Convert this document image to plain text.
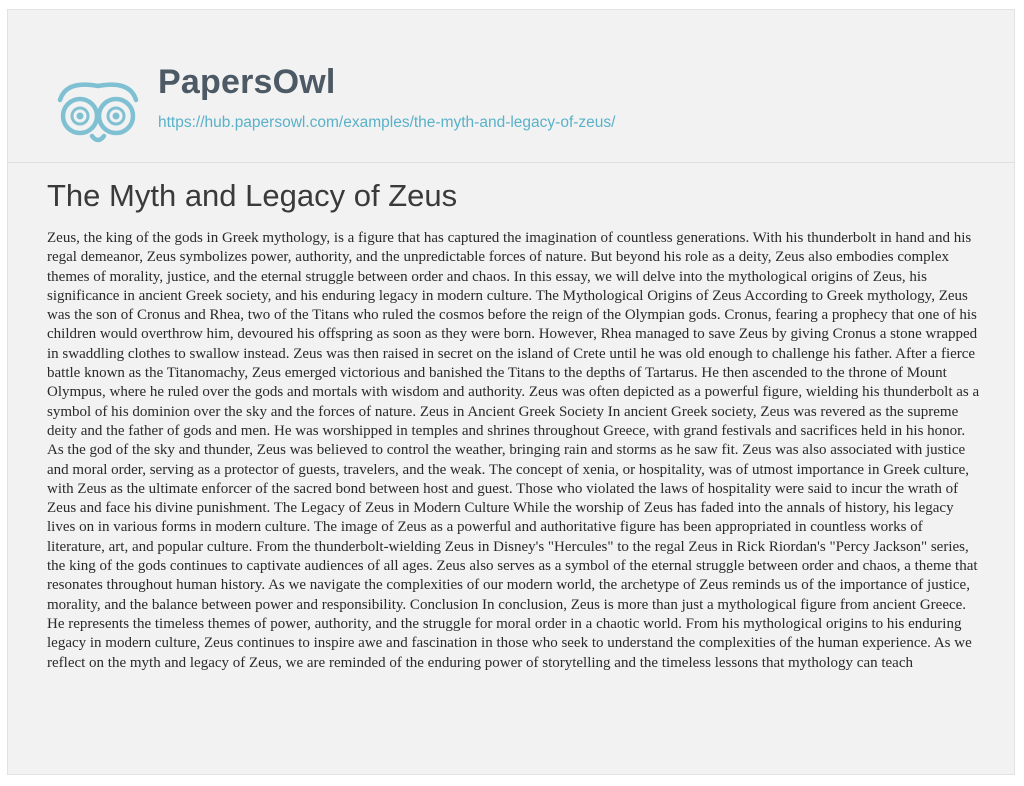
PapersOwl
https://hub.papersowl.com/examples/the-myth-and-legacy-of-zeus/
The Myth and Legacy of Zeus

Zeus, the king of the gods in Greek mythology, is a figure that has captured the imagination of countless generations. With his thunderbolt in hand and his regal demeanor, Zeus symbolizes power, authority, and the unpredictable forces of nature. But beyond his role as a deity, Zeus also embodies complex themes of morality, justice, and the eternal struggle between order and chaos. In this essay, we will delve into the mythological origins of Zeus, his significance in ancient Greek society, and his enduring legacy in modern culture. The Mythological Origins of Zeus According to Greek mythology, Zeus was the son of Cronus and Rhea, two of the Titans who ruled the cosmos before the reign of the Olympian gods. Cronus, fearing a prophecy that one of his children would overthrow him, devoured his offspring as soon as they were born. However, Rhea managed to save Zeus by giving Cronus a stone wrapped in swaddling clothes to swallow instead. Zeus was then raised in secret on the island of Crete until he was old enough to challenge his father. After a fierce battle known as the Titanomachy, Zeus emerged victorious and banished the Titans to the depths of Tartarus. He then ascended to the throne of Mount Olympus, where he ruled over the gods and mortals with wisdom and authority. Zeus was often depicted as a powerful figure, wielding his thunderbolt as a symbol of his dominion over the sky and the forces of nature. Zeus in Ancient Greek Society In ancient Greek society, Zeus was revered as the supreme deity and the father of gods and men. He was worshipped in temples and shrines throughout Greece, with grand festivals and sacrifices held in his honor. As the god of the sky and thunder, Zeus was believed to control the weather, bringing rain and storms as he saw fit. Zeus was also associated with justice and moral order, serving as a protector of guests, travelers, and the weak. The concept of xenia, or hospitality, was of utmost importance in Greek culture, with Zeus as the ultimate enforcer of the sacred bond between host and guest. Those who violated the laws of hospitality were said to incur the wrath of Zeus and face his divine punishment. The Legacy of Zeus in Modern Culture While the worship of Zeus has faded into the annals of history, his legacy lives on in various forms in modern culture. The image of Zeus as a powerful and authoritative figure has been appropriated in countless works of literature, art, and popular culture. From the thunderbolt-wielding Zeus in Disney's "Hercules" to the regal Zeus in Rick Riordan's "Percy Jackson" series, the king of the gods continues to captivate audiences of all ages. Zeus also serves as a symbol of the eternal struggle between order and chaos, a theme that resonates throughout human history. As we navigate the complexities of our modern world, the archetype of Zeus reminds us of the importance of justice, morality, and the balance between power and responsibility. Conclusion In conclusion, Zeus is more than just a mythological figure from ancient Greece. He represents the timeless themes of power, authority, and the struggle for moral order in a chaotic world. From his mythological origins to his enduring legacy in modern culture, Zeus continues to inspire awe and fascination in those who seek to understand the complexities of the human experience. As we reflect on the myth and legacy of Zeus, we are reminded of the enduring power of storytelling and the timeless lessons that mythology can teach
